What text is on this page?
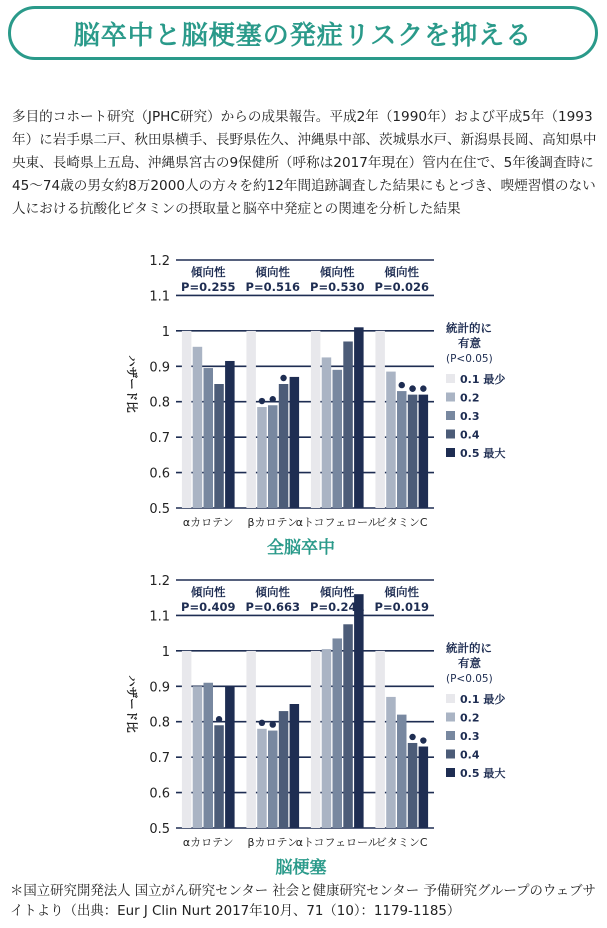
脳卒中と脳梗塞の発症リスクを抑える
多目的コホート研究（JPHC研究）からの成果報告。平成2年（1990年）および平成5年（1993年）に岩手県二戸、秋田県横手、長野県佐久、沖縄県中部、茨城県水戸、新潟県長岡、高知県中央東、長崎県上五島、沖縄県宮古の9保健所（呼称は2017年現在）管内在住で、5年後調査時に45～74歳の男女約8万2000人の方々を約12年間追跡調査した結果にもとづき、喫煙習慣のない人における抗酸化ビタミンの摂取量と脳卒中発症との関連を分析した結果
0.5
0.6
0.7
0.8
0.9
1
1.1
1.2
ハザード比
αカロテン
傾向性
P=0.255
βカロテン
傾向性
P=0.516
αトコフェロール
傾向性
P=0.530
ビタミンC
傾向性
P=0.026
統計的に
有意
(P<0.05)
0.1 最少
0.2
0.3
0.4
0.5 最大
全脳卒中
0.5
0.6
0.7
0.8
0.9
1
1.1
1.2
ハザード比
αカロテン
傾向性
P=0.409
βカロテン
傾向性
P=0.663
αトコフェロール
傾向性
P=0.241
ビタミンC
傾向性
P=0.019
統計的に
有意
(P<0.05)
0.1 最少
0.2
0.3
0.4
0.5 最大
脳梗塞
＊国立研究開発法人 国立がん研究センター 社会と健康研究センター 予備研究グループのウェブサイトより（出典：Eur J Clin Nurt 2017年10月、71（10）：1179-1185）
